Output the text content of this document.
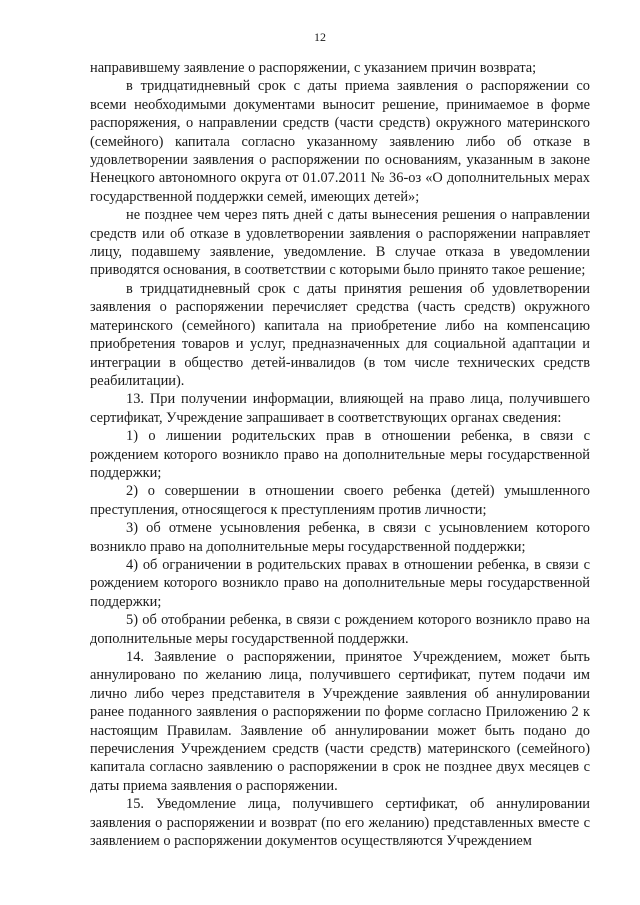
12

направившему заявление о распоряжении, с указанием причин возврата;

в тридцатидневный срок с даты приема заявления о распоряжении со всеми необходимыми документами выносит решение, принимаемое в форме распоряжения, о направлении средств (части средств) окружного материнского (семейного) капитала согласно указанному заявлению либо об отказе в удовлетворении заявления о распоряжении по основаниям, указанным в законе Ненецкого автономного округа от 01.07.2011 № 36-оз «О дополнительных мерах государственной поддержки семей, имеющих детей»;

не позднее чем через пять дней с даты вынесения решения о направлении средств или об отказе в удовлетворении заявления о распоряжении направляет лицу, подавшему заявление, уведомление. В случае отказа в уведомлении приводятся основания, в соответствии с которыми было принято такое решение;

в тридцатидневный срок с даты принятия решения об удовлетворении заявления о распоряжении перечисляет средства (часть средств) окружного материнского (семейного) капитала на приобретение либо на компенсацию приобретения товаров и услуг, предназначенных для социальной адаптации и интеграции в общество детей-инвалидов (в том числе технических средств реабилитации).

13. При получении информации, влияющей на право лица, получившего сертификат, Учреждение запрашивает в соответствующих органах сведения:

1) о лишении родительских прав в отношении ребенка, в связи с рождением которого возникло право на дополнительные меры государственной поддержки;

2) о совершении в отношении своего ребенка (детей) умышленного преступления, относящегося к преступлениям против личности;

3) об отмене усыновления ребенка, в связи с усыновлением которого возникло право на дополнительные меры государственной поддержки;

4) об ограничении в родительских правах в отношении ребенка, в связи с рождением которого возникло право на дополнительные меры государственной поддержки;

5) об отобрании ребенка, в связи с рождением которого возникло право на дополнительные меры государственной поддержки.

14. Заявление о распоряжении, принятое Учреждением, может быть аннулировано по желанию лица, получившего сертификат, путем подачи им лично либо через представителя в Учреждение заявления об аннулировании ранее поданного заявления о распоряжении по форме согласно Приложению 2 к настоящим Правилам. Заявление об аннулировании может быть подано до перечисления Учреждением средств (части средств) материнского (семейного) капитала согласно заявлению о распоряжении в срок не позднее двух месяцев с даты приема заявления о распоряжении.

15. Уведомление лица, получившего сертификат, об аннулировании заявления о распоряжении и возврат (по его желанию) представленных вместе с заявлением о распоряжении документов осуществляются Учреждением
